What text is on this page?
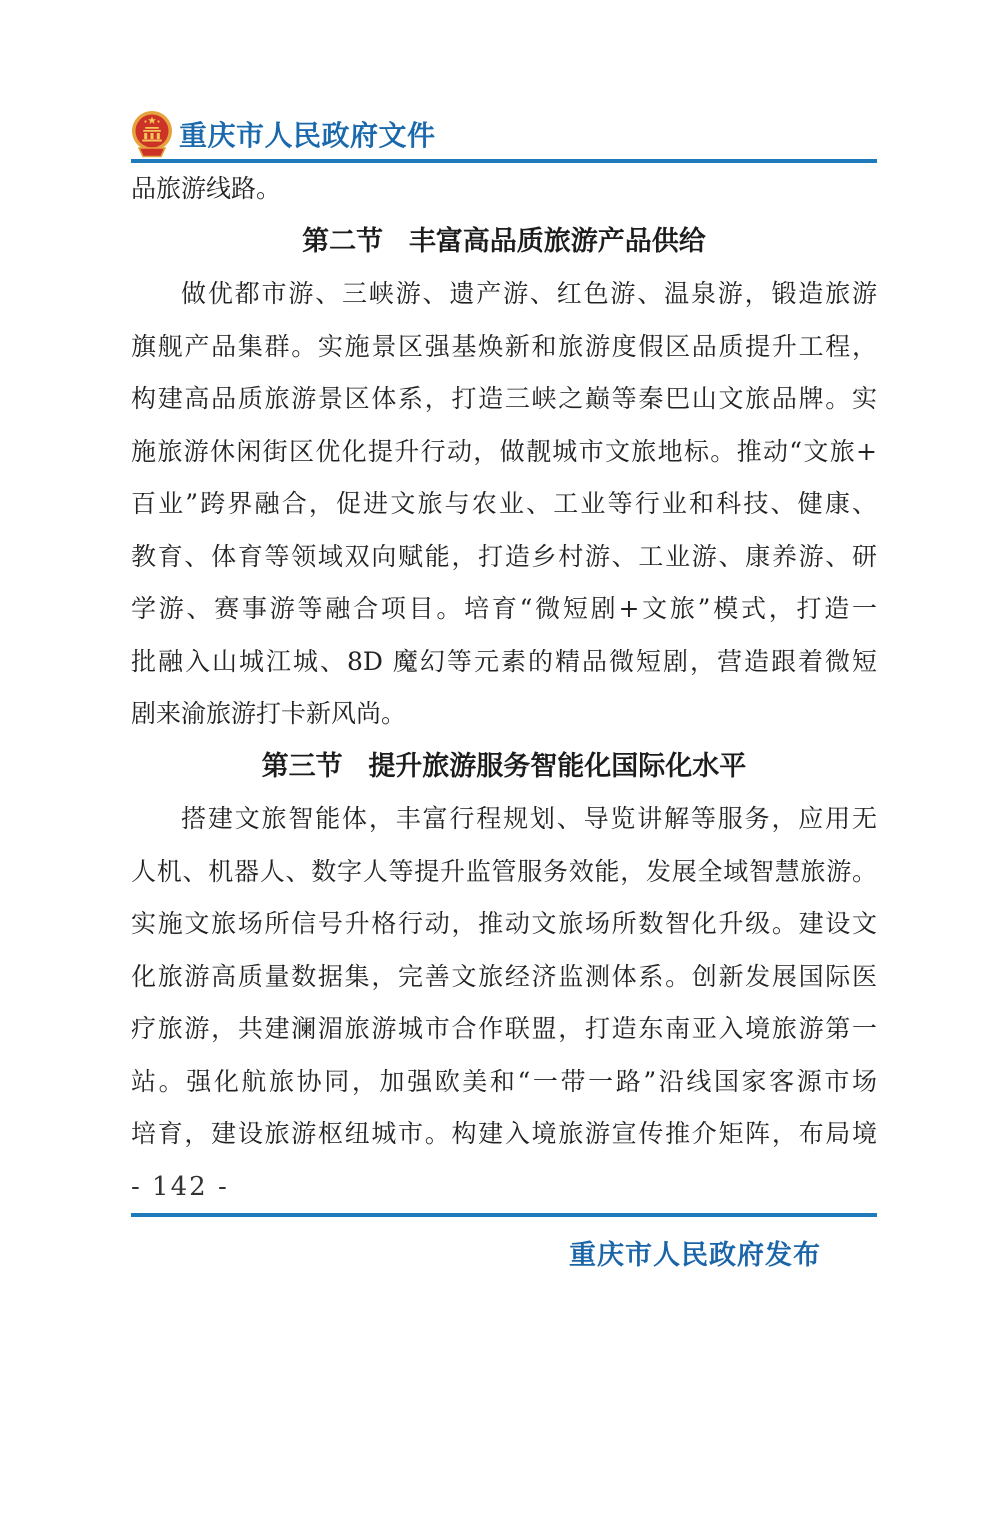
重庆市人民政府文件
品旅游线路。
第二节 丰富高品质旅游产品供给
做优都市游、三峡游、遗产游、红色游、温泉游，锻造旅游
旗舰产品集群。实施景区强基焕新和旅游度假区品质提升工程，
构建高品质旅游景区体系，打造三峡之巅等秦巴山文旅品牌。实
施旅游休闲街区优化提升行动，做靓城市文旅地标。推动“文旅+
百业”跨界融合，促进文旅与农业、工业等行业和科技、健康、
教育、体育等领域双向赋能，打造乡村游、工业游、康养游、研
学游、赛事游等融合项目。培育“微短剧+文旅”模式，打造一
批融入山城江城、8D 魔幻等元素的精品微短剧，营造跟着微短
剧来渝旅游打卡新风尚。
第三节 提升旅游服务智能化国际化水平
搭建文旅智能体，丰富行程规划、导览讲解等服务，应用无
人机、机器人、数字人等提升监管服务效能，发展全域智慧旅游。
实施文旅场所信号升格行动，推动文旅场所数智化升级。建设文
化旅游高质量数据集，完善文旅经济监测体系。创新发展国际医
疗旅游，共建澜湄旅游城市合作联盟，打造东南亚入境旅游第一
站。强化航旅协同，加强欧美和“一带一路”沿线国家客源市场
培育，建设旅游枢纽城市。构建入境旅游宣传推介矩阵，布局境
- 142 -
重庆市人民政府发布
